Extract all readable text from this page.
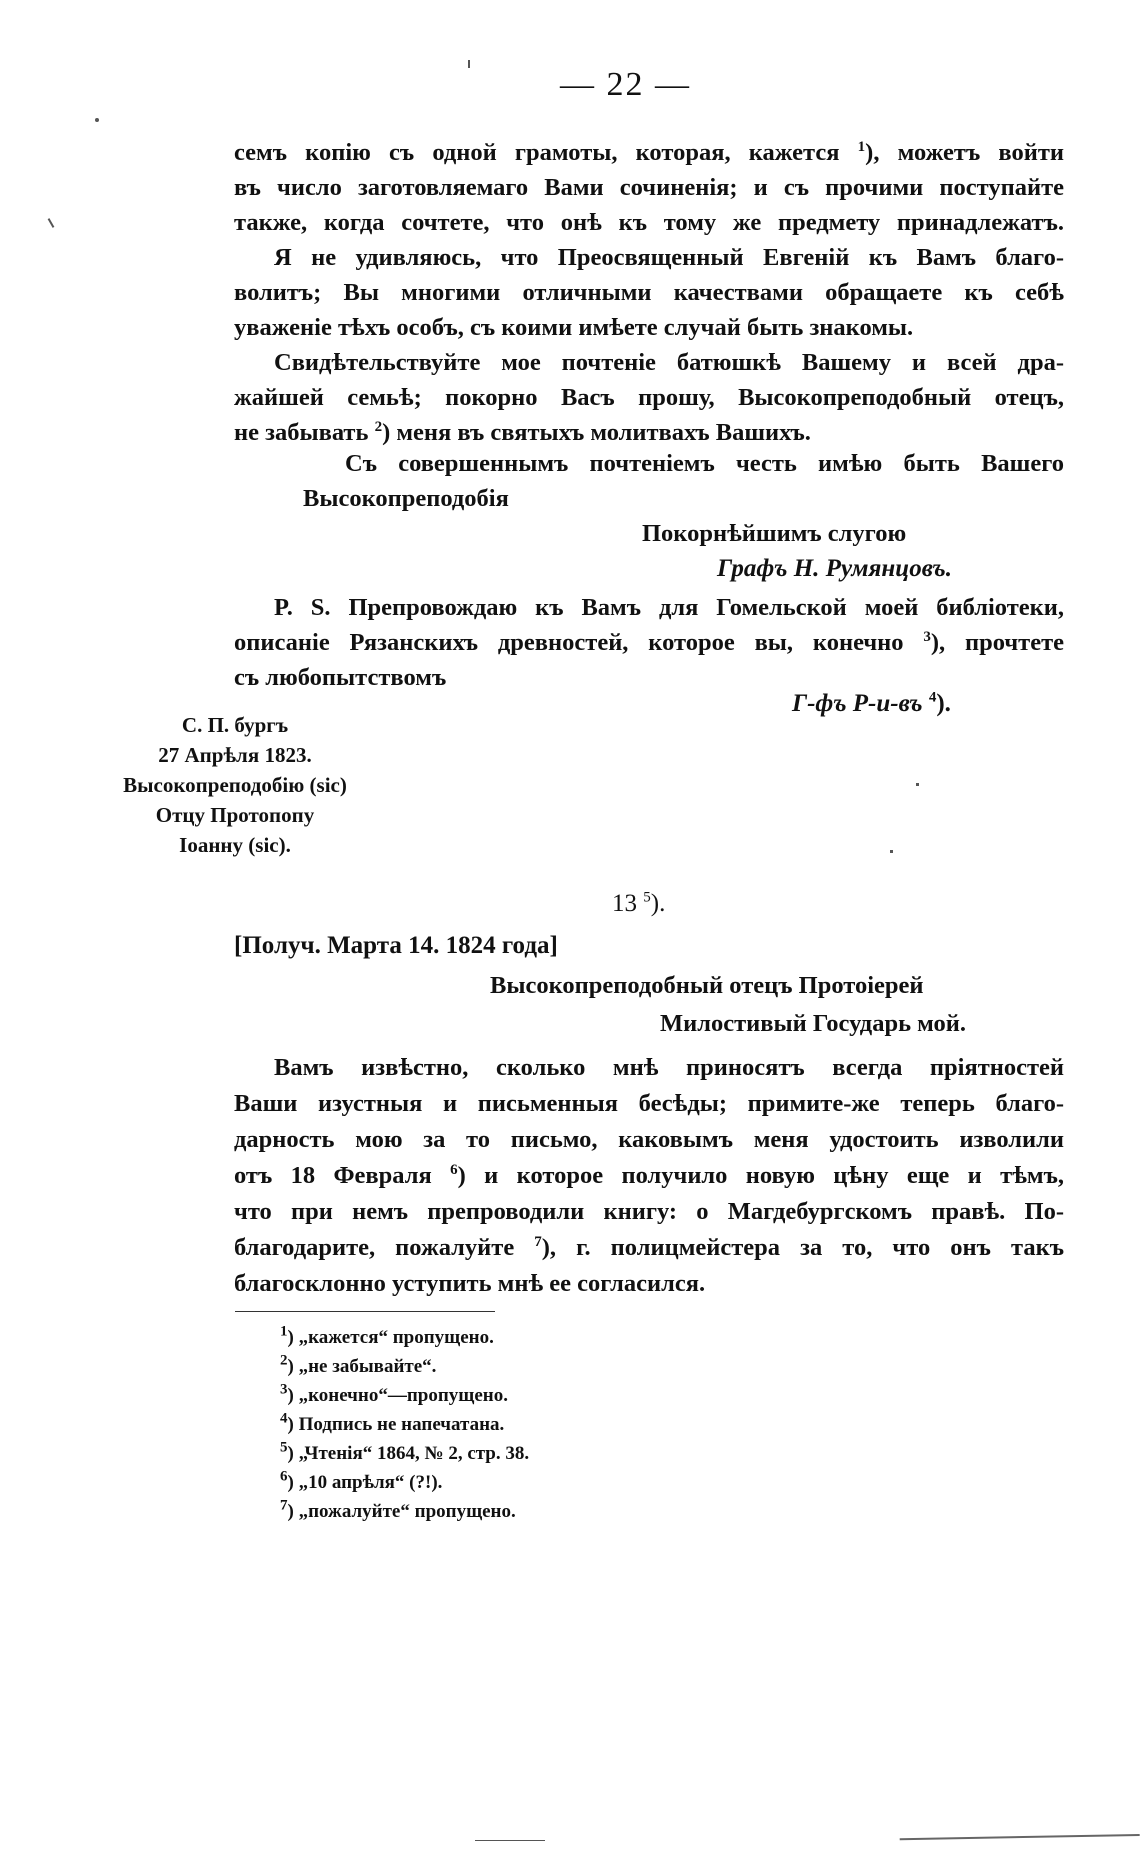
— 22 —
семъ копію съ одной грамоты, которая, кажется $^1$), можетъ войти
въ число заготовляемаго Вами сочиненія; и съ прочими поступайте
также, когда сочтете, что онѣ къ тому же предмету принадлежатъ.
Я не удивляюсь, что Преосвященный Евгеній къ Вамъ благо-
волитъ; Вы многими отличными качествами обращаете къ себѣ
уваженіе тѣхъ особъ, съ коими имѣете случай быть знакомы.
Свидѣтельствуйте мое почтеніе батюшкѣ Вашему и всей дра-
жайшей семьѣ; покорно Васъ прошу, Высокопреподобный отецъ,
не забывать $^2$) меня въ святыхъ молитвахъ Вашихъ.
Съ совершеннымъ почтеніемъ честь имѣю быть Вашего
Высокопреподобія
Покорнѣйшимъ слугою
Графъ Н. Румянцовъ.
P. S. Препровождаю къ Вамъ для Гомельской моей библіотеки,
описаніе Рязанскихъ древностей, которое вы, конечно $^3$), прочтете
съ любопытствомъ
Г-фъ Р-и-въ $^4$).
С. П. бургъ
27 Апрѣля 1823.
Высокопреподобію (sic)
Отцу Протопопу
Іоанну (sic).
13 $^5$).
[Получ. Марта 14. 1824 года]
Высокопреподобный отецъ Протоіерей
Милостивый Государь мой.
Вамъ извѣстно, сколько мнѣ приносятъ всегда пріятностей
Ваши изустныя и письменныя бесѣды; примите-же теперь благо-
дарность мою за то письмо, каковымъ меня удостоить изволили
отъ 18 Февраля $^6$) и которое получило новую цѣну еще и тѣмъ,
что при немъ препроводили книгу: о Магдебургскомъ правѣ. По-
благодарите, пожалуйте $^7$), г. полицмейстера за то, что онъ такъ
благосклонно уступить мнѣ ее согласился.
$^1$) „кажется“ пропущено.
$^2$) „не забывайте“.
$^3$) „конечно“—пропущено.
$^4$) Подпись не напечатана.
$^5$) „Чтенія“ 1864, № 2, стр. 38.
$^6$) „10 апрѣля“ (?!).
$^7$) „пожалуйте“ пропущено.
